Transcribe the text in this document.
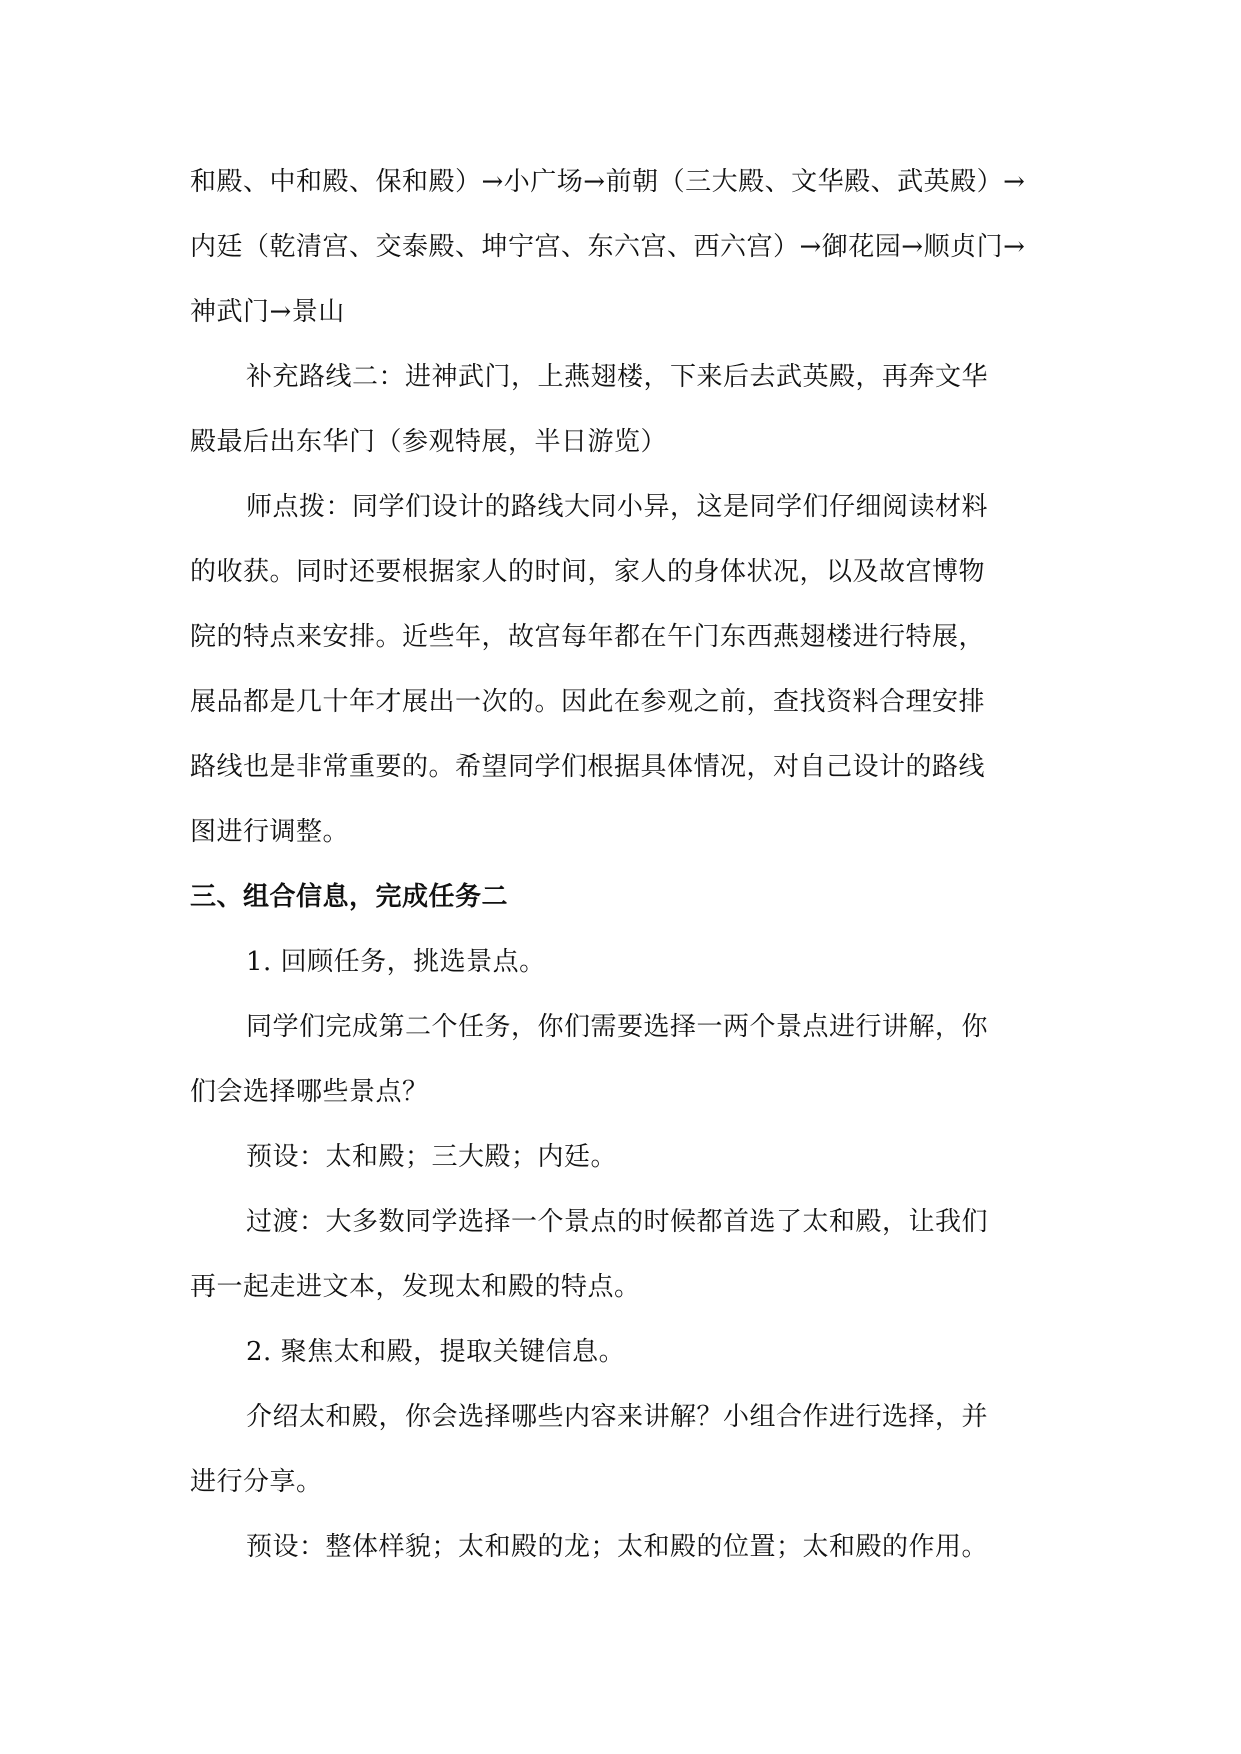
和殿、中和殿、保和殿）→小广场→前朝（三大殿、文华殿、武英殿）→
内廷（乾清宫、交泰殿、坤宁宫、东六宫、西六宫）→御花园→顺贞门→
神武门→景山
补充路线二：进神武门，上燕翅楼，下来后去武英殿，再奔文华
殿最后出东华门（参观特展，半日游览）
师点拨：同学们设计的路线大同小异，这是同学们仔细阅读材料
的收获。同时还要根据家人的时间，家人的身体状况，以及故宫博物
院的特点来安排。近些年，故宫每年都在午门东西燕翅楼进行特展，
展品都是几十年才展出一次的。因此在参观之前，查找资料合理安排
路线也是非常重要的。希望同学们根据具体情况，对自己设计的路线
图进行调整。
三、组合信息，完成任务二
1. 回顾任务，挑选景点。
同学们完成第二个任务，你们需要选择一两个景点进行讲解，你
们会选择哪些景点？
预设：太和殿；三大殿；内廷。
过渡：大多数同学选择一个景点的时候都首选了太和殿，让我们
再一起走进文本，发现太和殿的特点。
2. 聚焦太和殿，提取关键信息。
介绍太和殿，你会选择哪些内容来讲解？小组合作进行选择，并
进行分享。
预设：整体样貌；太和殿的龙；太和殿的位置；太和殿的作用。
